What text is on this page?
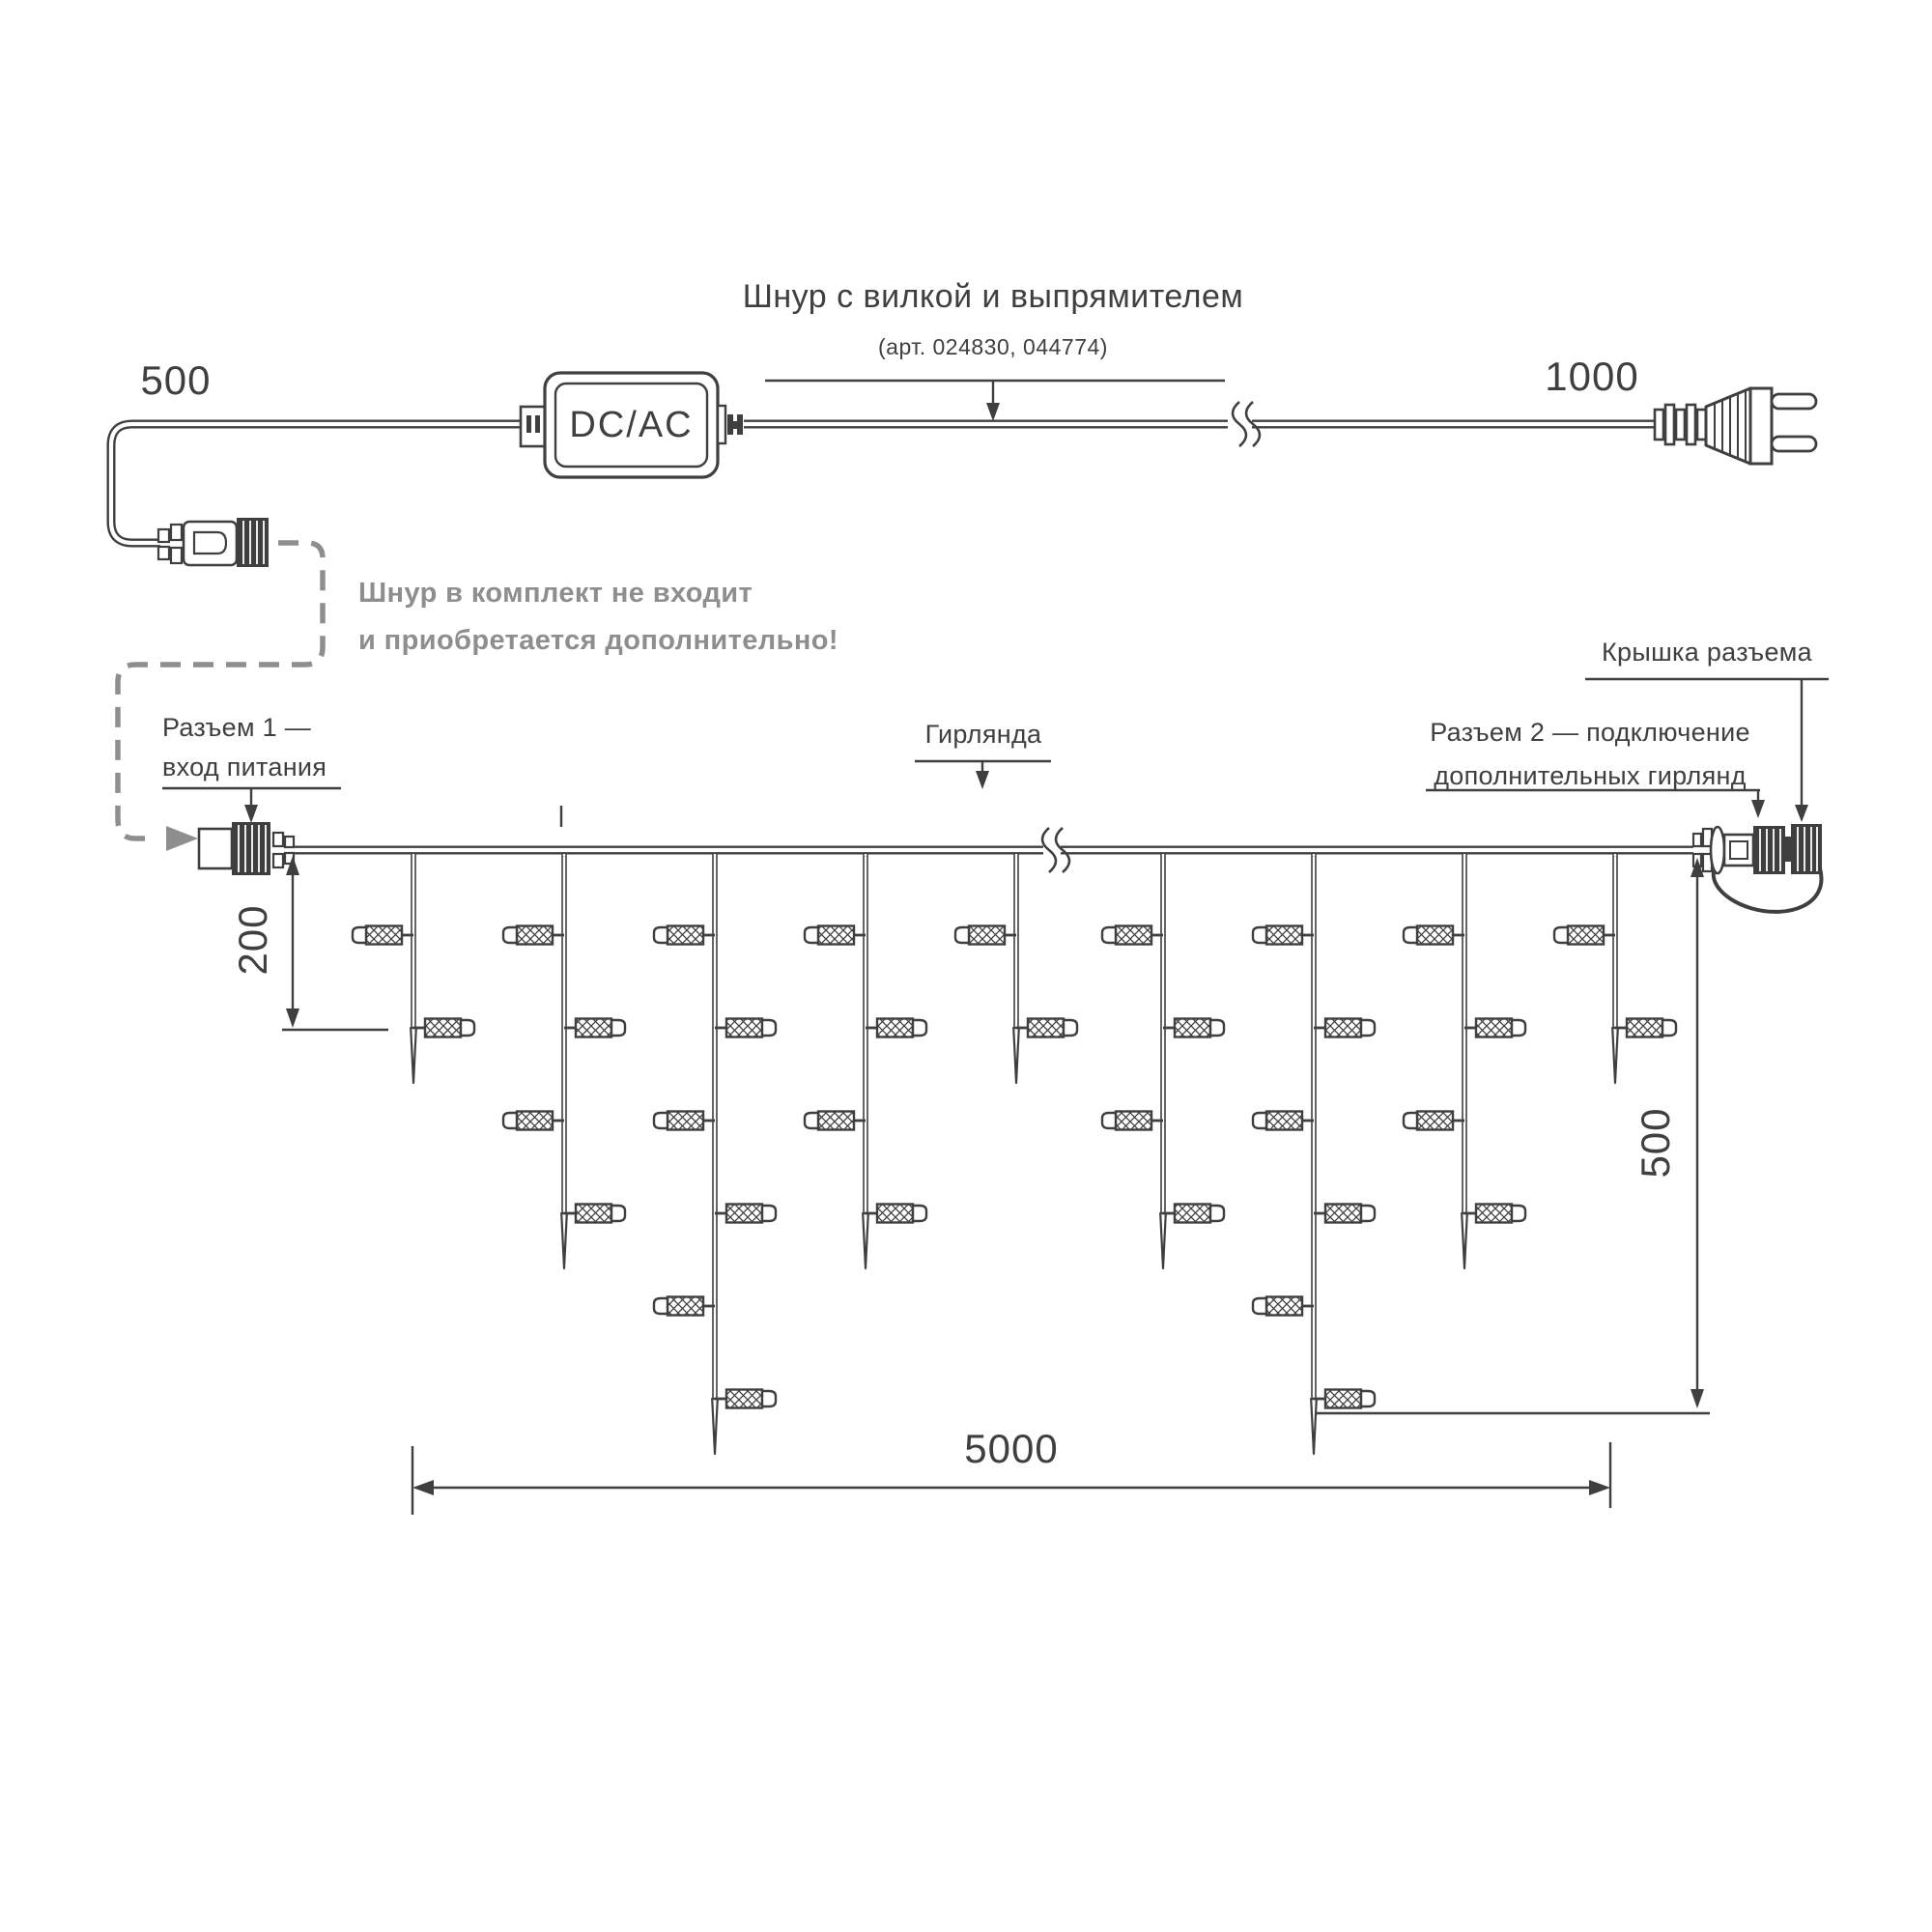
500	1000
Шнур с вилкой и выпрямителем
(арт. 024830, 044774)
DC/AC
Шнур в комплект не входит
и приобретается дополнительно!
Разъем 1 —
вход питания
Гирлянда
Крышка разъема
Разъем 2 — подключение
дополнительных гирлянд
200
500
5000
